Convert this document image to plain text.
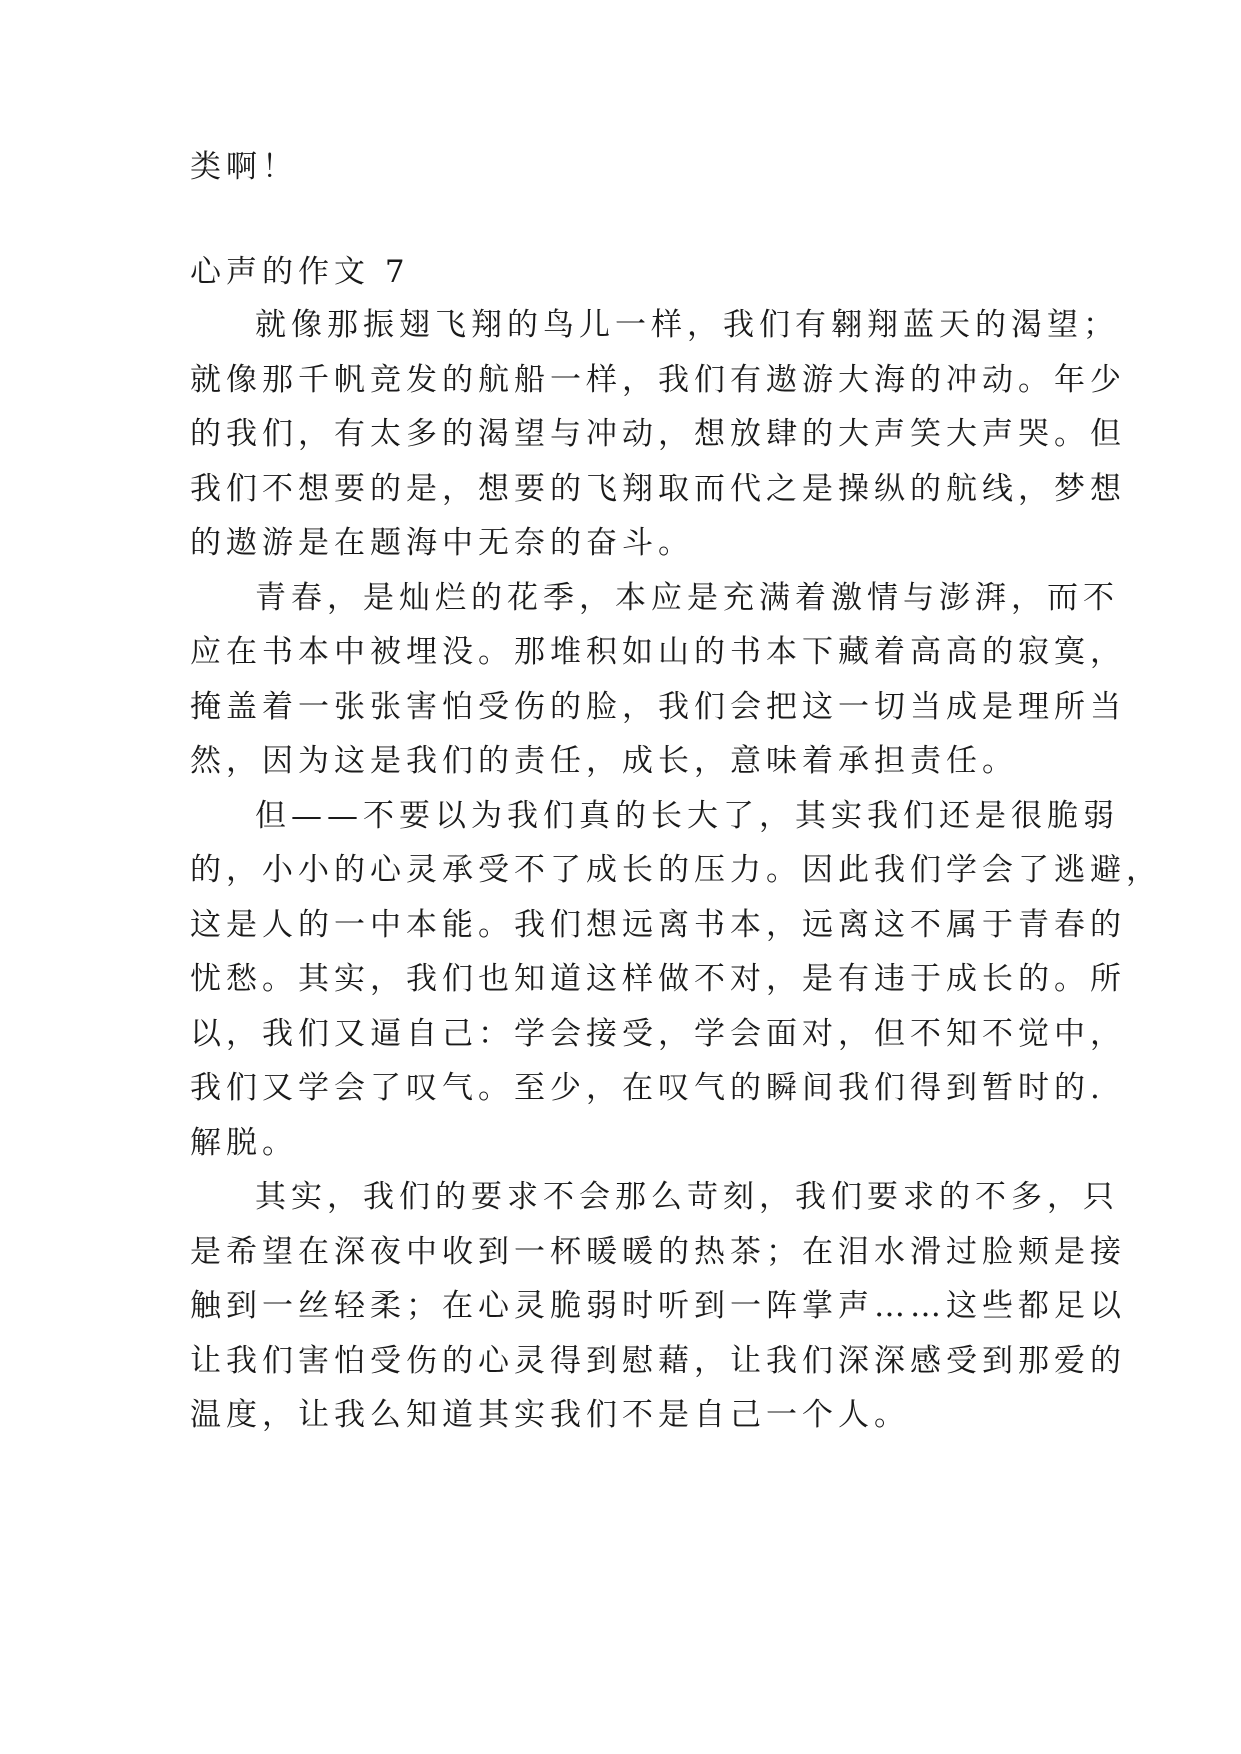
类啊！
心声的作文 7
就像那振翅飞翔的鸟儿一样，我们有翱翔蓝天的渴望；
就像那千帆竞发的航船一样，我们有遨游大海的冲动。年少
的我们，有太多的渴望与冲动，想放肆的大声笑大声哭。但
我们不想要的是，想要的飞翔取而代之是操纵的航线，梦想
的遨游是在题海中无奈的奋斗。
青春，是灿烂的花季，本应是充满着激情与澎湃，而不
应在书本中被埋没。那堆积如山的书本下藏着高高的寂寞，
掩盖着一张张害怕受伤的脸，我们会把这一切当成是理所当
然，因为这是我们的责任，成长，意味着承担责任。
但——不要以为我们真的长大了，其实我们还是很脆弱
的，小小的心灵承受不了成长的压力。因此我们学会了逃避，
这是人的一中本能。我们想远离书本，远离这不属于青春的
忧愁。其实，我们也知道这样做不对，是有违于成长的。所
以，我们又逼自己：学会接受，学会面对，但不知不觉中，
我们又学会了叹气。至少，在叹气的瞬间我们得到暂时的.
解脱。
其实，我们的要求不会那么苛刻，我们要求的不多，只
是希望在深夜中收到一杯暖暖的热茶；在泪水滑过脸颊是接
触到一丝轻柔；在心灵脆弱时听到一阵掌声……这些都足以
让我们害怕受伤的心灵得到慰藉，让我们深深感受到那爱的
温度，让我么知道其实我们不是自己一个人。
